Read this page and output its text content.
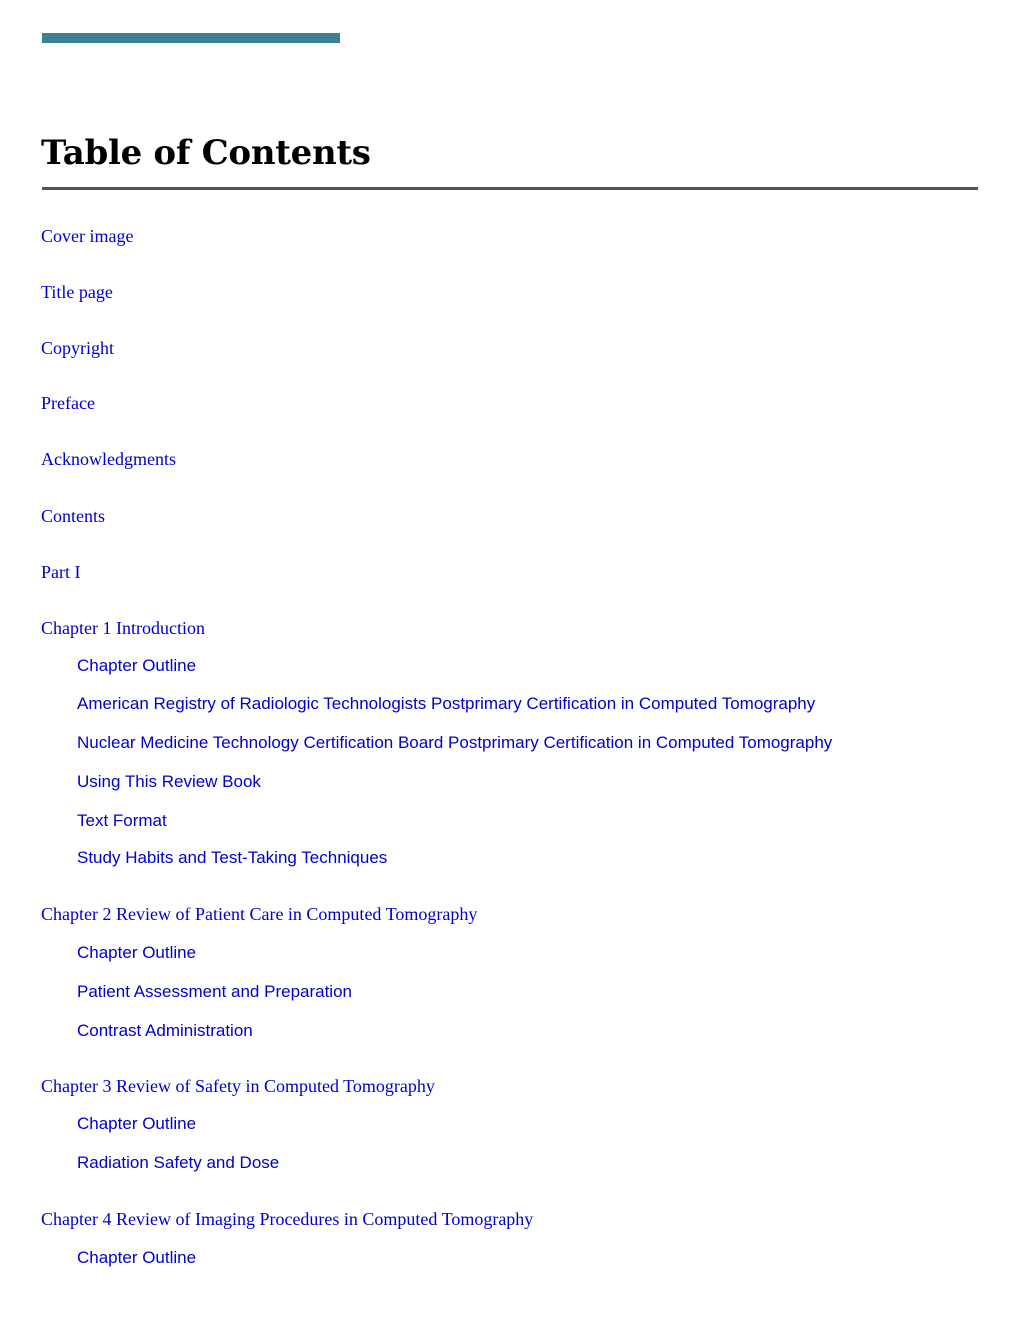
Table of Contents
Cover image
Title page
Copyright
Preface
Acknowledgments
Contents
Part I
Chapter 1 Introduction
Chapter Outline
American Registry of Radiologic Technologists Postprimary Certification in Computed Tomography
Nuclear Medicine Technology Certification Board Postprimary Certification in Computed Tomography
Using This Review Book
Text Format
Study Habits and Test-Taking Techniques
Chapter 2 Review of Patient Care in Computed Tomography
Chapter Outline
Patient Assessment and Preparation
Contrast Administration
Chapter 3 Review of Safety in Computed Tomography
Chapter Outline
Radiation Safety and Dose
Chapter 4 Review of Imaging Procedures in Computed Tomography
Chapter Outline
